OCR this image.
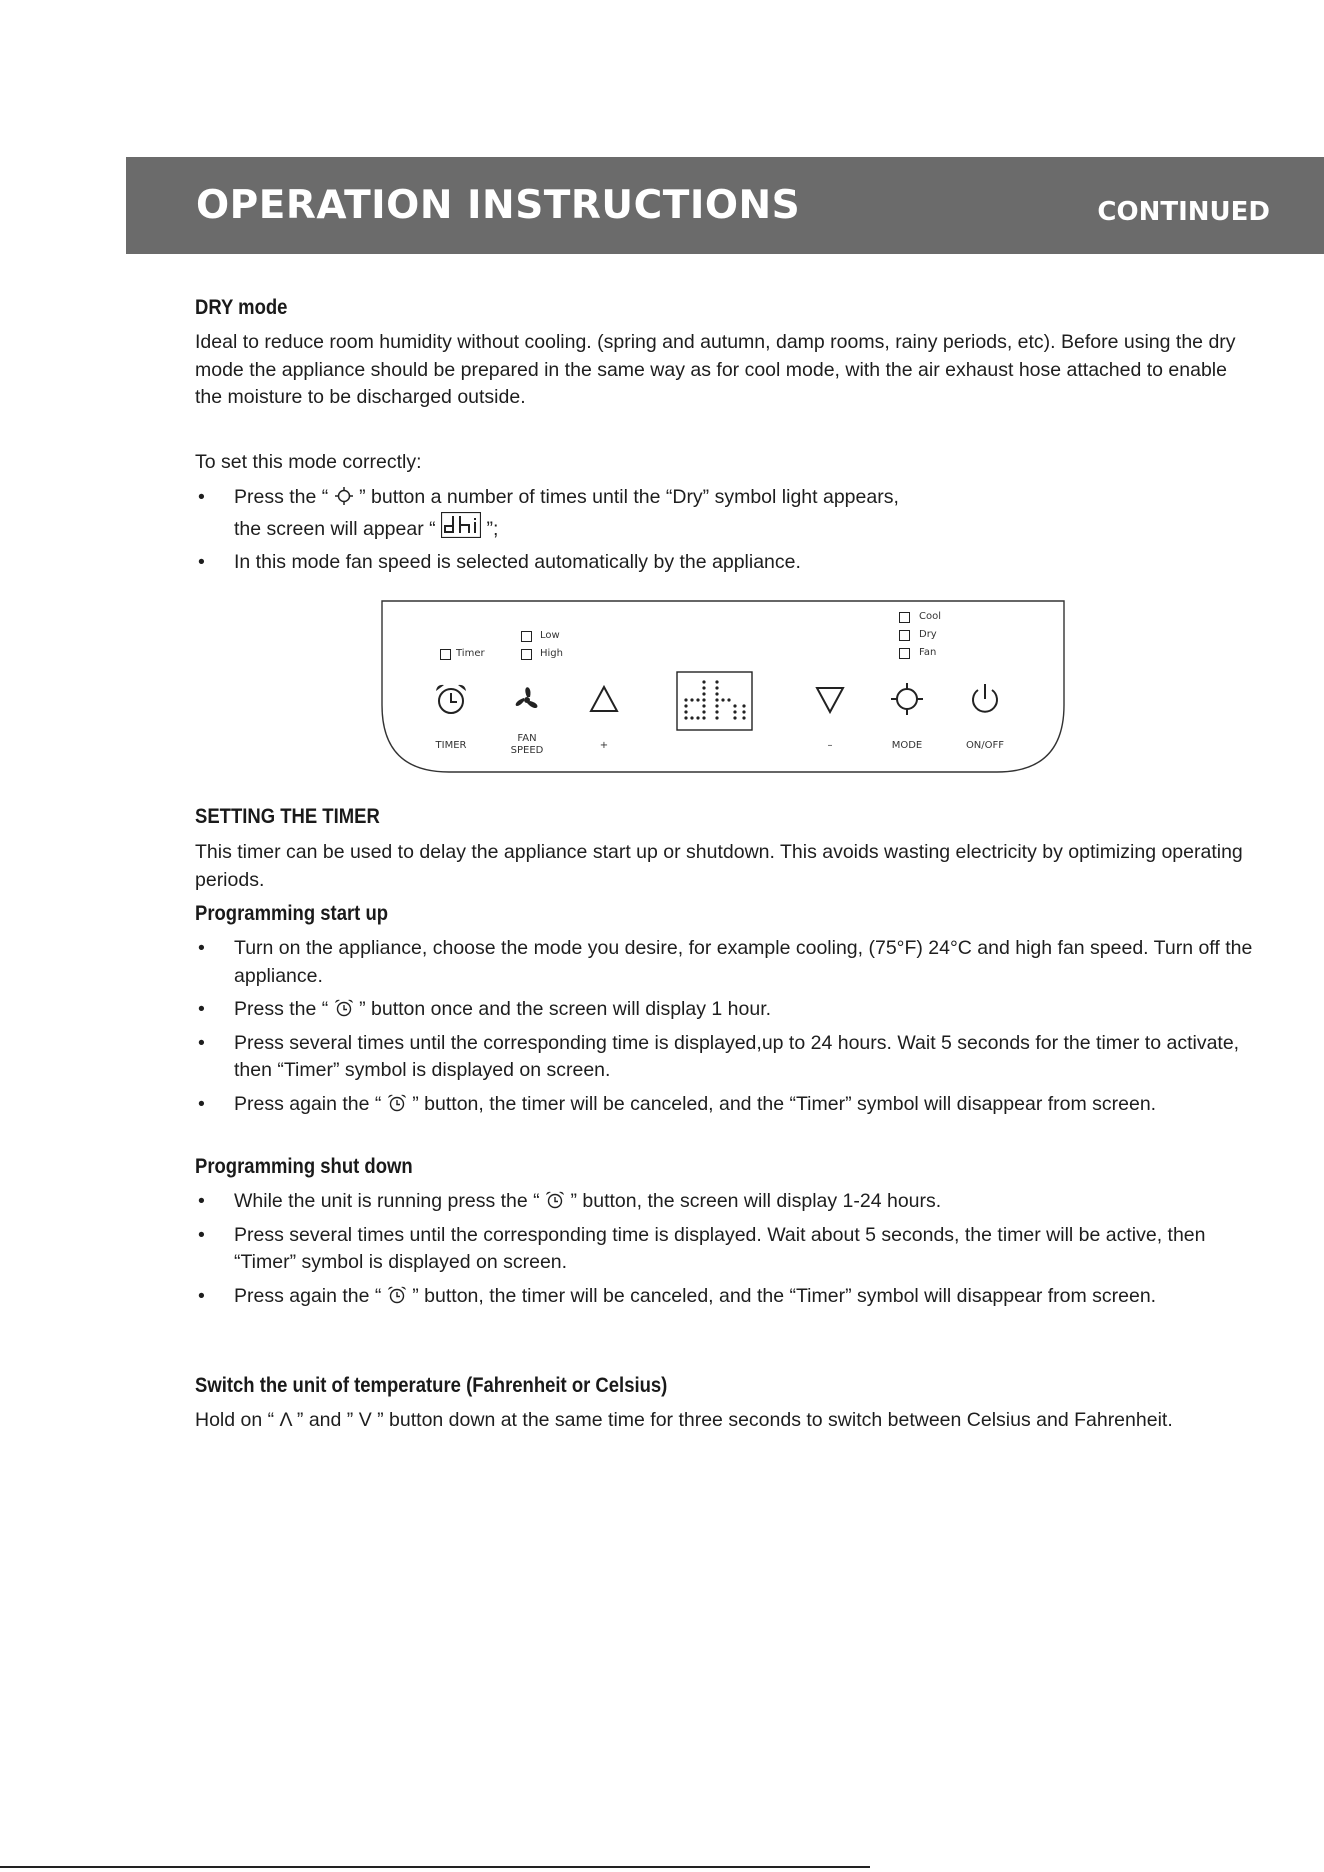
OPERATION INSTRUCTIONS	CONTINUED
DRY mode
Ideal to reduce room humidity without cooling. (spring and autumn, damp rooms, rainy periods, etc). Before using the dry mode the appliance should be prepared in the same way as for cool mode, with the air exhaust hose attached to enable the moisture to be discharged outside.
To set this mode correctly:
• Press the “  ” button a number of times until the “Dry” symbol light appears,
the screen will appear “  ”;
• In this mode fan speed is selected automatically by the appliance.
Timer
Low
High
Cool
Dry
Fan
TIMER
FAN
SPEED	+	–	MODE	ON/OFF
SETTING THE TIMER
This timer can be used to delay the appliance start up or shutdown. This avoids wasting electricity by optimizing operating periods.
Programming start up
• Turn on the appliance, choose the mode you desire, for example cooling, (75°F) 24°C and high fan speed. Turn off the appliance.
• Press the “  ” button once and the screen will display 1 hour.
• Press several times until the corresponding time is displayed,up to 24 hours. Wait 5 seconds for the timer to activate, then “Timer” symbol is displayed on screen.
• Press again the “  ” button, the timer will be canceled, and the “Timer” symbol will disappear from screen.
Programming shut down
• While the unit is running press the “  ” button, the screen will display 1-24 hours.
• Press several times until the corresponding time is displayed. Wait about 5 seconds, the timer will be active, then “Timer” symbol is displayed on screen.
• Press again the “  ” button, the timer will be canceled, and the “Timer” symbol will disappear from screen.
Switch the unit of temperature (Fahrenheit or Celsius)
Hold on “ Λ ” and ” V ” button down at the same time for three seconds to switch between Celsius and Fahrenheit.
